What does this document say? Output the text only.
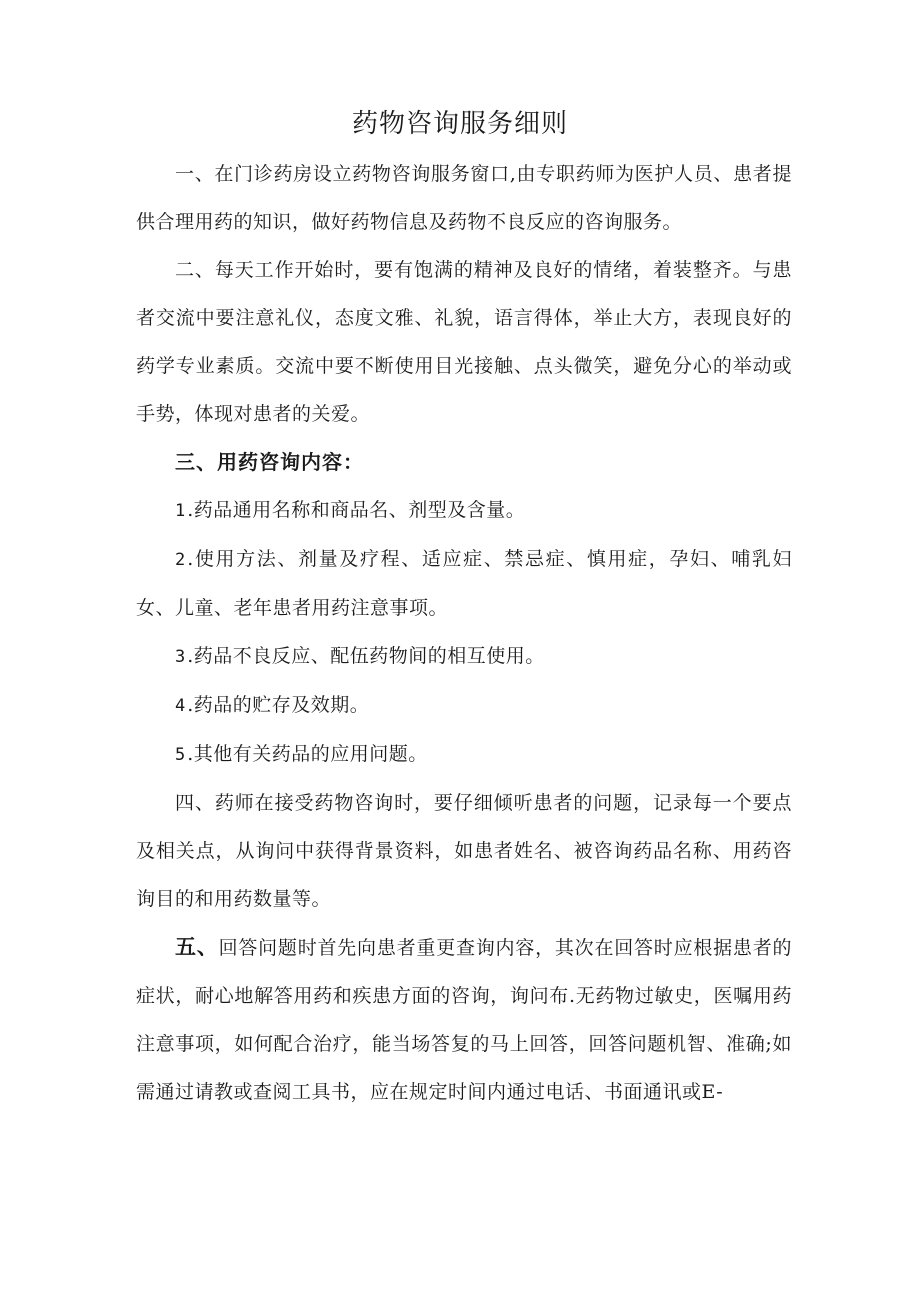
药物咨询服务细则

一、在门诊药房设立药物咨询服务窗口,由专职药师为医护人员、患者提供合理用药的知识，做好药物信息及药物不良反应的咨询服务。

二、每天工作开始时，要有饱满的精神及良好的情绪，着装整齐。与患者交流中要注意礼仪，态度文雅、礼貌，语言得体，举止大方，表现良好的药学专业素质。交流中要不断使用目光接触、点头微笑，避免分心的举动或手势，体现对患者的关爱。

三、用药咨询内容：

1.药品通用名称和商品名、剂型及含量。

2.使用方法、剂量及疗程、适应症、禁忌症、慎用症，孕妇、哺乳妇女、儿童、老年患者用药注意事项。

3.药品不良反应、配伍药物间的相互使用。

4.药品的贮存及效期。

5.其他有关药品的应用问题。

四、药师在接受药物咨询时，要仔细倾听患者的问题，记录每一个要点及相关点，从询问中获得背景资料，如患者姓名、被咨询药品名称、用药咨询目的和用药数量等。

五、回答问题时首先向患者重更查询内容，其次在回答时应根据患者的症状，耐心地解答用药和疾患方面的咨询，询问布.无药物过敏史，医嘱用药注意事项，如何配合治疗，能当场答复的马上回答，回答问题机智、准确;如需通过请教或查阅工具书，应在规定时间内通过电话、书面通讯或E-
